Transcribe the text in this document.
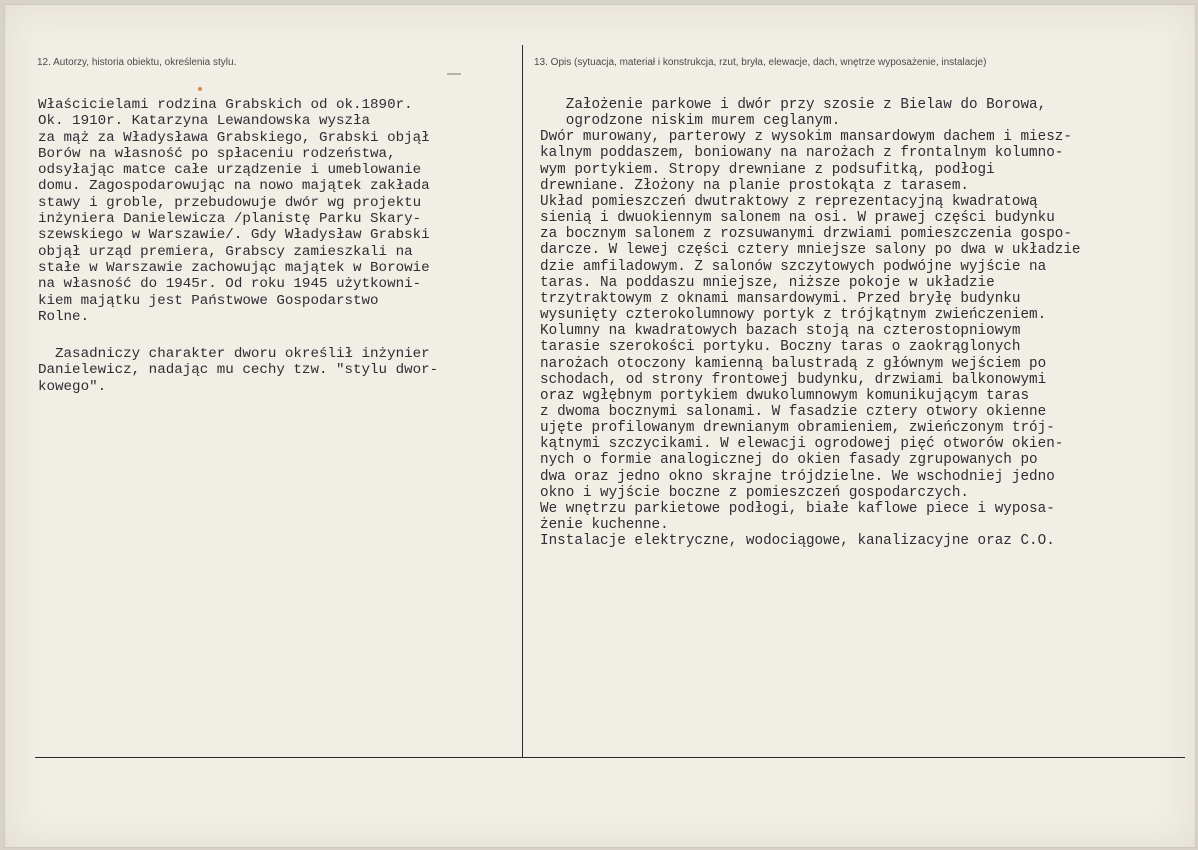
12. Autorzy, historia obiektu, określenia stylu.	13. Opis (sytuacja, materiał i konstrukcja, rzut, bryła, elewacje, dach, wnętrze wyposażenie, instalacje)
Właścicielami rodzina Grabskich od ok.1890r.
Ok. 1910r. Katarzyna Lewandowska wyszła
za mąż za Władysława Grabskiego, Grabski objął
Borów na własność po spłaceniu rodzeństwa,
odsyłając matce całe urządzenie i umeblowanie
domu. Zagospodarowując na nowo majątek zakłada
stawy i groble, przebudowuje dwór wg projektu
inżyniera Danielewicza /planistę Parku Skary-
szewskiego w Warszawie/. Gdy Władysław Grabski
objął urząd premiera, Grabscy zamieszkali na
stałe w Warszawie zachowując majątek w Borowie
na własność do 1945r. Od roku 1945 użytkowni-
kiem majątku jest Państwowe Gospodarstwo
Rolne.
Zasadniczy charakter dworu określił inżynier
Danielewicz, nadając mu cechy tzw. "stylu dwor-
kowego".
Założenie parkowe i dwór przy szosie z Bielaw do Borowa,
ogrodzone niskim murem ceglanym.
Dwór murowany, parterowy z wysokim mansardowym dachem i miesz-
kalnym poddaszem, boniowany na narożach z frontalnym kolumno-
wym portykiem. Stropy drewniane z podsufitką, podłogi
drewniane. Złożony na planie prostokąta z tarasem.
Układ pomieszczeń dwutraktowy z reprezentacyjną kwadratową
sienią i dwuokiennym salonem na osi. W prawej części budynku
za bocznym salonem z rozsuwanymi drzwiami pomieszczenia gospo-
darcze. W lewej części cztery mniejsze salony po dwa w układzie
dzie amfiladowym. Z salonów szczytowych podwójne wyjście na
taras. Na poddaszu mniejsze, niższe pokoje w układzie
trzytraktowym z oknami mansardowymi. Przed bryłę budynku
wysunięty czterokolumnowy portyk z trójkątnym zwieńczeniem.
Kolumny na kwadratowych bazach stoją na czterostopniowym
tarasie szerokości portyku. Boczny taras o zaokrąglonych
narożach otoczony kamienną balustradą z głównym wejściem po
schodach, od strony frontowej budynku, drzwiami balkonowymi
oraz wgłębnym portykiem dwukolumnowym komunikującym taras
z dwoma bocznymi salonami. W fasadzie cztery otwory okienne
ujęte profilowanym drewnianym obramieniem, zwieńczonym trój-
kątnymi szczycikami. W elewacji ogrodowej pięć otworów okien-
nych o formie analogicznej do okien fasady zgrupowanych po
dwa oraz jedno okno skrajne trójdzielne. We wschodniej jedno
okno i wyjście boczne z pomieszczeń gospodarczych.
We wnętrzu parkietowe podłogi, białe kaflowe piece i wyposa-
żenie kuchenne.
Instalacje elektryczne, wodociągowe, kanalizacyjne oraz C.O.
